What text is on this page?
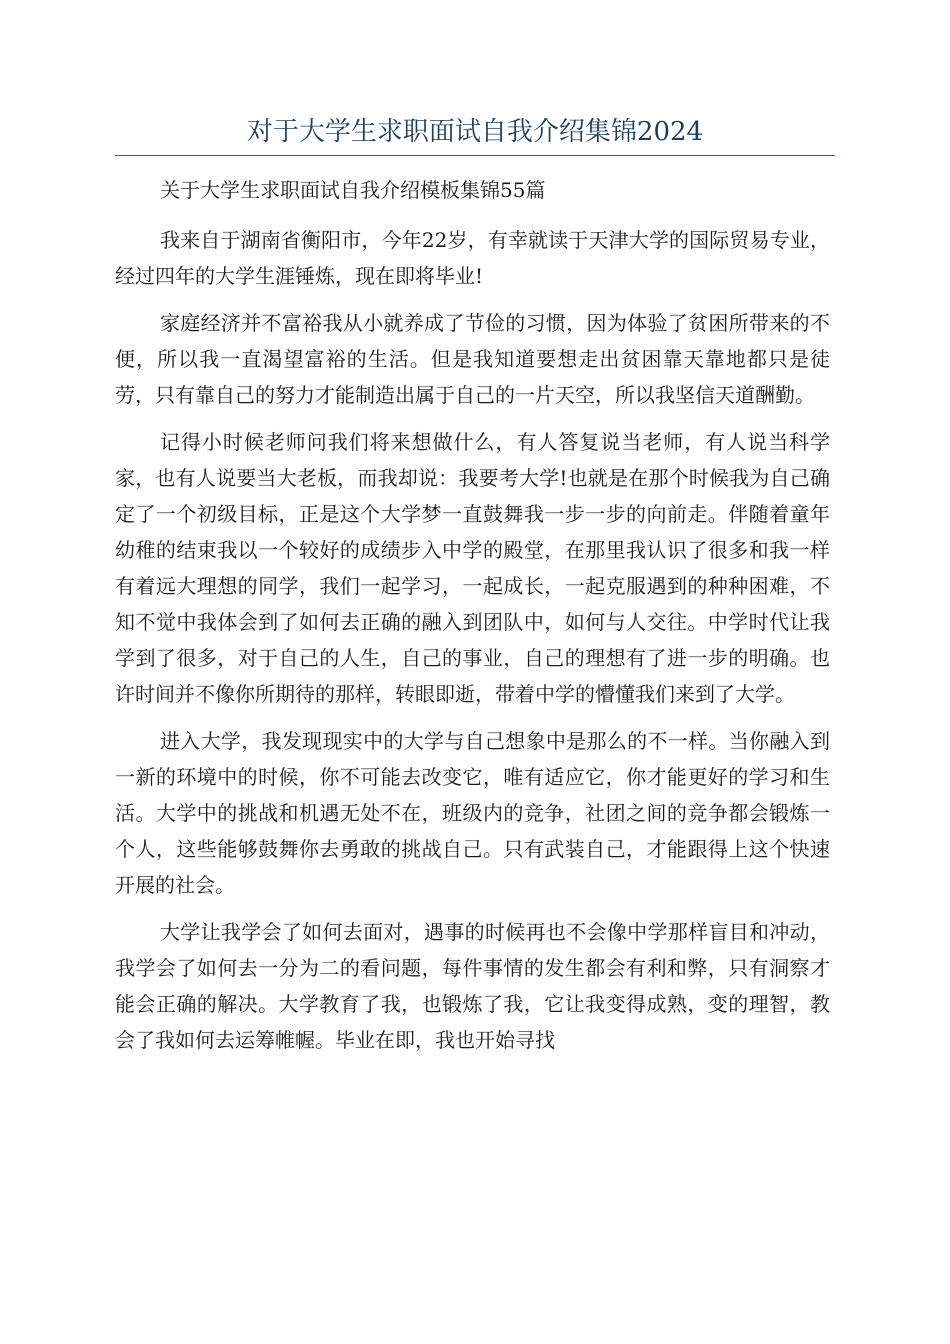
对于大学生求职面试自我介绍集锦2024

关于大学生求职面试自我介绍模板集锦55篇

我来自于湖南省衡阳市，今年22岁，有幸就读于天津大学的国际贸易专业，经过四年的大学生涯锤炼，现在即将毕业!

家庭经济并不富裕我从小就养成了节俭的习惯，因为体验了贫困所带来的不便，所以我一直渴望富裕的生活。但是我知道要想走出贫困靠天靠地都只是徒劳，只有靠自己的努力才能制造出属于自己的一片天空，所以我坚信天道酬勤。

记得小时候老师问我们将来想做什么，有人答复说当老师，有人说当科学家，也有人说要当大老板，而我却说：我要考大学!也就是在那个时候我为自己确定了一个初级目标，正是这个大学梦一直鼓舞我一步一步的向前走。伴随着童年幼稚的结束我以一个较好的成绩步入中学的殿堂，在那里我认识了很多和我一样有着远大理想的同学，我们一起学习，一起成长，一起克服遇到的种种困难，不知不觉中我体会到了如何去正确的融入到团队中，如何与人交往。中学时代让我学到了很多，对于自己的人生，自己的事业，自己的理想有了进一步的明确。也许时间并不像你所期待的那样，转眼即逝，带着中学的懵懂我们来到了大学。

进入大学，我发现现实中的大学与自己想象中是那么的不一样。当你融入到一新的环境中的时候，你不可能去改变它，唯有适应它，你才能更好的学习和生活。大学中的挑战和机遇无处不在，班级内的竞争，社团之间的竞争都会锻炼一个人，这些能够鼓舞你去勇敢的挑战自己。只有武装自己，才能跟得上这个快速开展的社会。

大学让我学会了如何去面对，遇事的时候再也不会像中学那样盲目和冲动，我学会了如何去一分为二的看问题，每件事情的发生都会有利和弊，只有洞察才能会正确的解决。大学教育了我，也锻炼了我，它让我变得成熟，变的理智，教会了我如何去运筹帷幄。毕业在即，我也开始寻找
